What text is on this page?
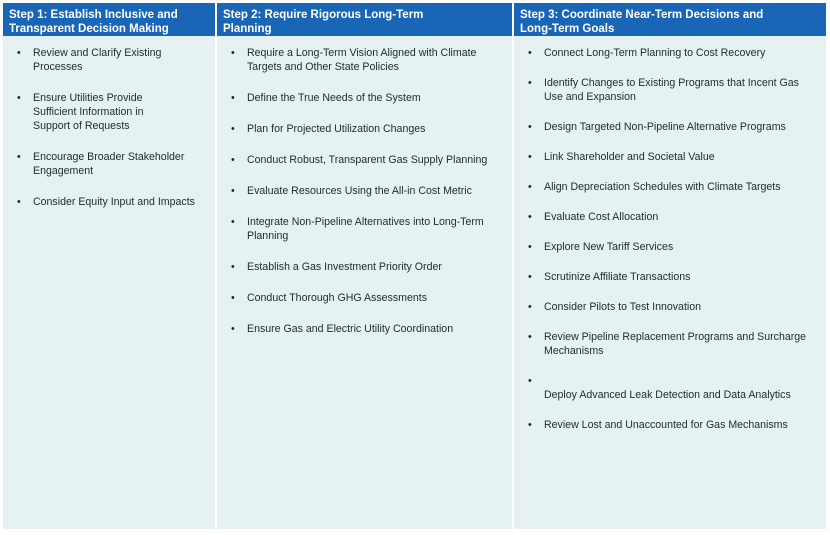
Step 1: Establish Inclusive and Transparent Decision Making
• Review and Clarify Existing Processes
• Ensure Utilities Provide Sufficient Information in Support of Requests
• Encourage Broader Stakeholder Engagement
• Consider Equity Input and Impacts
Step 2: Require Rigorous Long-Term Planning
• Require a Long-Term Vision Aligned with Climate Targets and Other State Policies
• Define the True Needs of the System
• Plan for Projected Utilization Changes
• Conduct Robust, Transparent Gas Supply Planning
• Evaluate Resources Using the All-in Cost Metric
• Integrate Non-Pipeline Alternatives into Long-Term Planning
• Establish a Gas Investment Priority Order
• Conduct Thorough GHG Assessments
• Ensure Gas and Electric Utility Coordination
Step 3: Coordinate Near-Term Decisions and Long-Term Goals
• Connect Long-Term Planning to Cost Recovery
• Identify Changes to Existing Programs that Incent Gas Use and Expansion
• Design Targeted Non-Pipeline Alternative Programs
• Link Shareholder and Societal Value
• Align Depreciation Schedules with Climate Targets
• Evaluate Cost Allocation
• Explore New Tariff Services
• Scrutinize Affiliate Transactions
• Consider Pilots to Test Innovation
• Review Pipeline Replacement Programs and Surcharge Mechanisms
• Deploy Advanced Leak Detection and Data Analytics
• Review Lost and Unaccounted for Gas Mechanisms
